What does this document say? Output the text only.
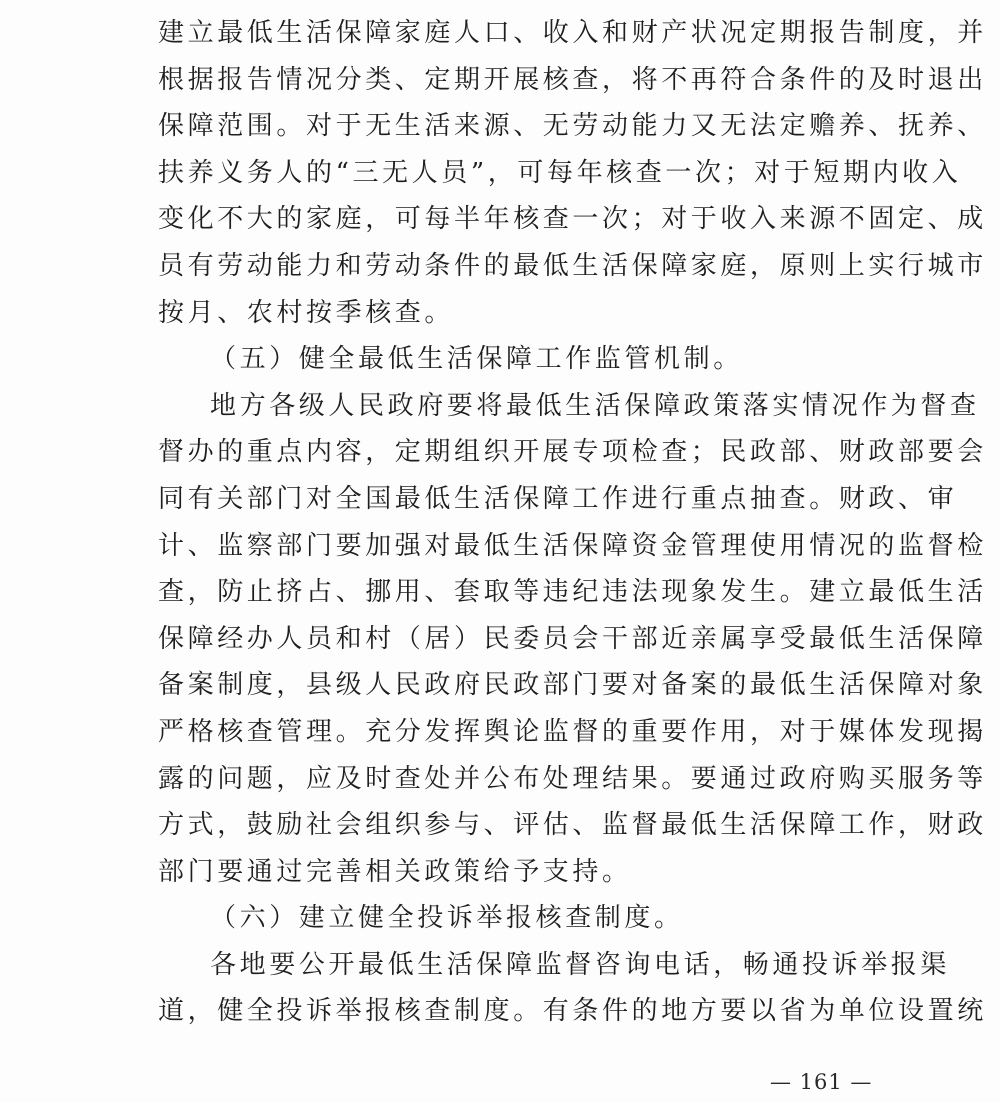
建立最低生活保障家庭人口、收入和财产状况定期报告制度，并
根据报告情况分类、定期开展核查，将不再符合条件的及时退出
保障范围。对于无生活来源、无劳动能力又无法定赡养、抚养、
扶养义务人的“三无人员”，可每年核查一次；对于短期内收入
变化不大的家庭，可每半年核查一次；对于收入来源不固定、成
员有劳动能力和劳动条件的最低生活保障家庭，原则上实行城市
按月、农村按季核查。
（五）健全最低生活保障工作监管机制。
地方各级人民政府要将最低生活保障政策落实情况作为督查
督办的重点内容，定期组织开展专项检查；民政部、财政部要会
同有关部门对全国最低生活保障工作进行重点抽查。财政、审
计、监察部门要加强对最低生活保障资金管理使用情况的监督检
查，防止挤占、挪用、套取等违纪违法现象发生。建立最低生活
保障经办人员和村（居）民委员会干部近亲属享受最低生活保障
备案制度，县级人民政府民政部门要对备案的最低生活保障对象
严格核查管理。充分发挥舆论监督的重要作用，对于媒体发现揭
露的问题，应及时查处并公布处理结果。要通过政府购买服务等
方式，鼓励社会组织参与、评估、监督最低生活保障工作，财政
部门要通过完善相关政策给予支持。
（六）建立健全投诉举报核查制度。
各地要公开最低生活保障监督咨询电话，畅通投诉举报渠
道，健全投诉举报核查制度。有条件的地方要以省为单位设置统
— 161 —
